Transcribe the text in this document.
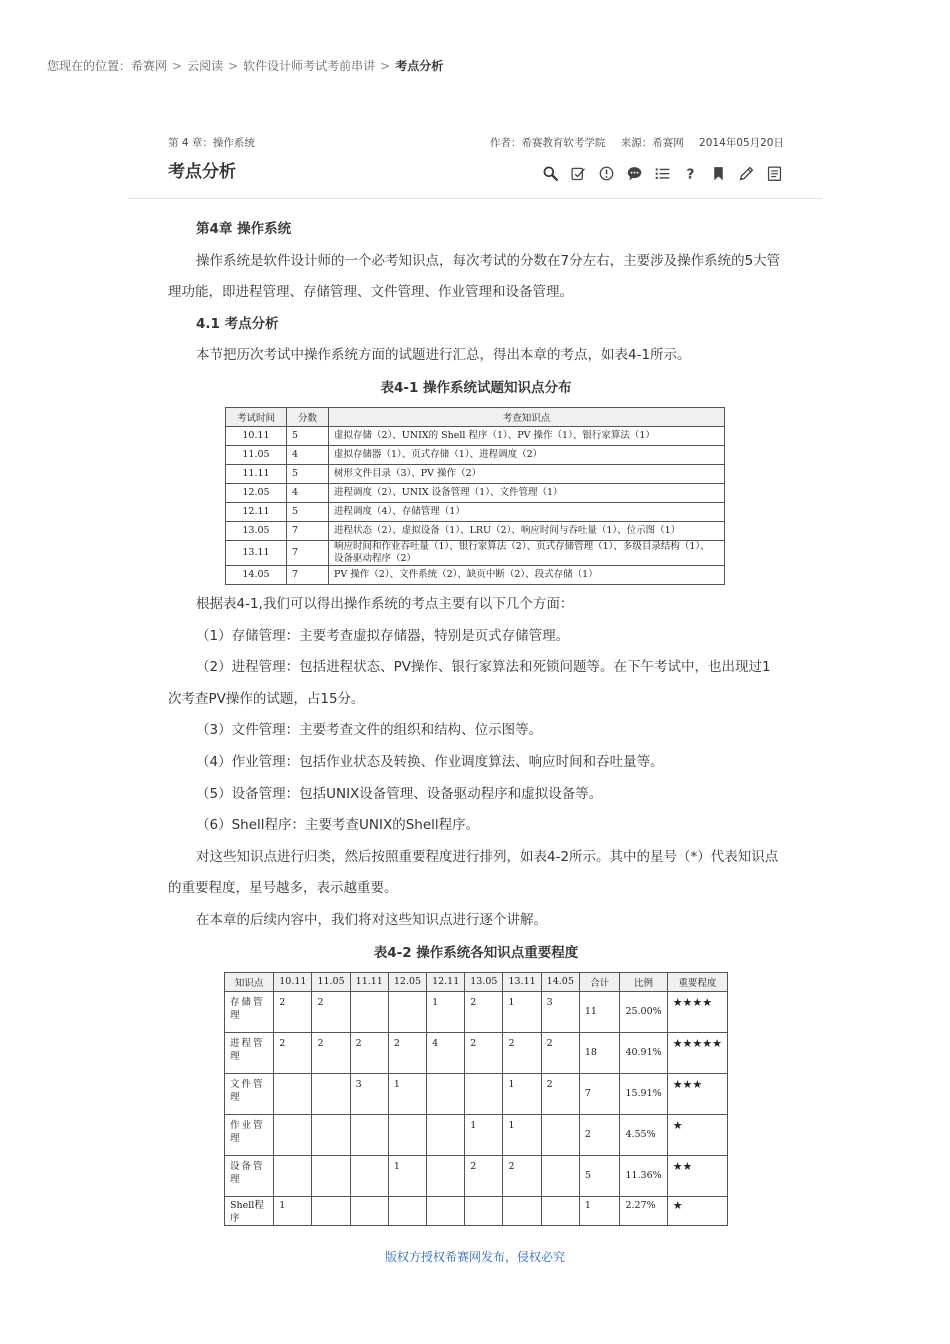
您现在的位置：希赛网 > 云阅读 > 软件设计师考试考前串讲 > 考点分析
第 4 章：操作系统	作者：希赛教育软考学院 来源：希赛网 2014年05月20日
考点分析	?

第4章 操作系统

操作系统是软件设计师的一个必考知识点，每次考试的分数在7分左右，主要涉及操作系统的5大管理功能，即进程管理、存储管理、文件管理、作业管理和设备管理。

4.1 考点分析

本节把历次考试中操作系统方面的试题进行汇总，得出本章的考点，如表4-1所示。

表4-1 操作系统试题知识点分布

考试时间	分数	考查知识点
10.11	5	虚拟存储（2）、UNIX的 Shell 程序（1）、PV 操作（1）、银行家算法（1）
11.05	4	虚拟存储器（1）、页式存储（1）、进程调度（2）
11.11	5	树形文件目录（3）、PV 操作（2）
12.05	4	进程调度（2）、UNIX 设备管理（1）、文件管理（1）
12.11	5	进程调度（4）、存储管理（1）
13.05	7	进程状态（2）、虚拟设备（1）、LRU（2）、响应时间与吞吐量（1）、位示图（1）
13.11	7	响应时间和作业吞吐量（1）、银行家算法（2）、页式存储管理（1）、多级目录结构（1）、设备驱动程序（2）
14.05	7	PV 操作（2）、文件系统（2）、缺页中断（2）、段式存储（1）

根据表4-1,我们可以得出操作系统的考点主要有以下几个方面：

（1）存储管理：主要考查虚拟存储器，特别是页式存储管理。

（2）进程管理：包括进程状态、PV操作、银行家算法和死锁问题等。在下午考试中，也出现过1次考查PV操作的试题，占15分。

（3）文件管理：主要考查文件的组织和结构、位示图等。

（4）作业管理：包括作业状态及转换、作业调度算法、响应时间和吞吐量等。

（5）设备管理：包括UNIX设备管理、设备驱动程序和虚拟设备等。

（6）Shell程序：主要考查UNIX的Shell程序。

对这些知识点进行归类，然后按照重要程度进行排列，如表4-2所示。其中的星号（*）代表知识点的重要程度，星号越多，表示越重要。

在本章的后续内容中，我们将对这些知识点进行逐个讲解。

表4-2 操作系统各知识点重要程度

知识点	10.11	11.05	11.11	12.05	12.11	13.05	13.11	14.05	合计	比例	重要程度
存储管理	2	2			1	2	1	3	11	25.00%	★★★★
进程管理	2	2	2	2	4	2	2	2	18	40.91%	★★★★★
文件管理			3	1			1	2	7	15.91%	★★★
作业管理						1	1		2	4.55%	★
设备管理				1		2	2		5	11.36%	★★
Shell程序	1								1	2.27%	★
版权方授权希赛网发布，侵权必究
